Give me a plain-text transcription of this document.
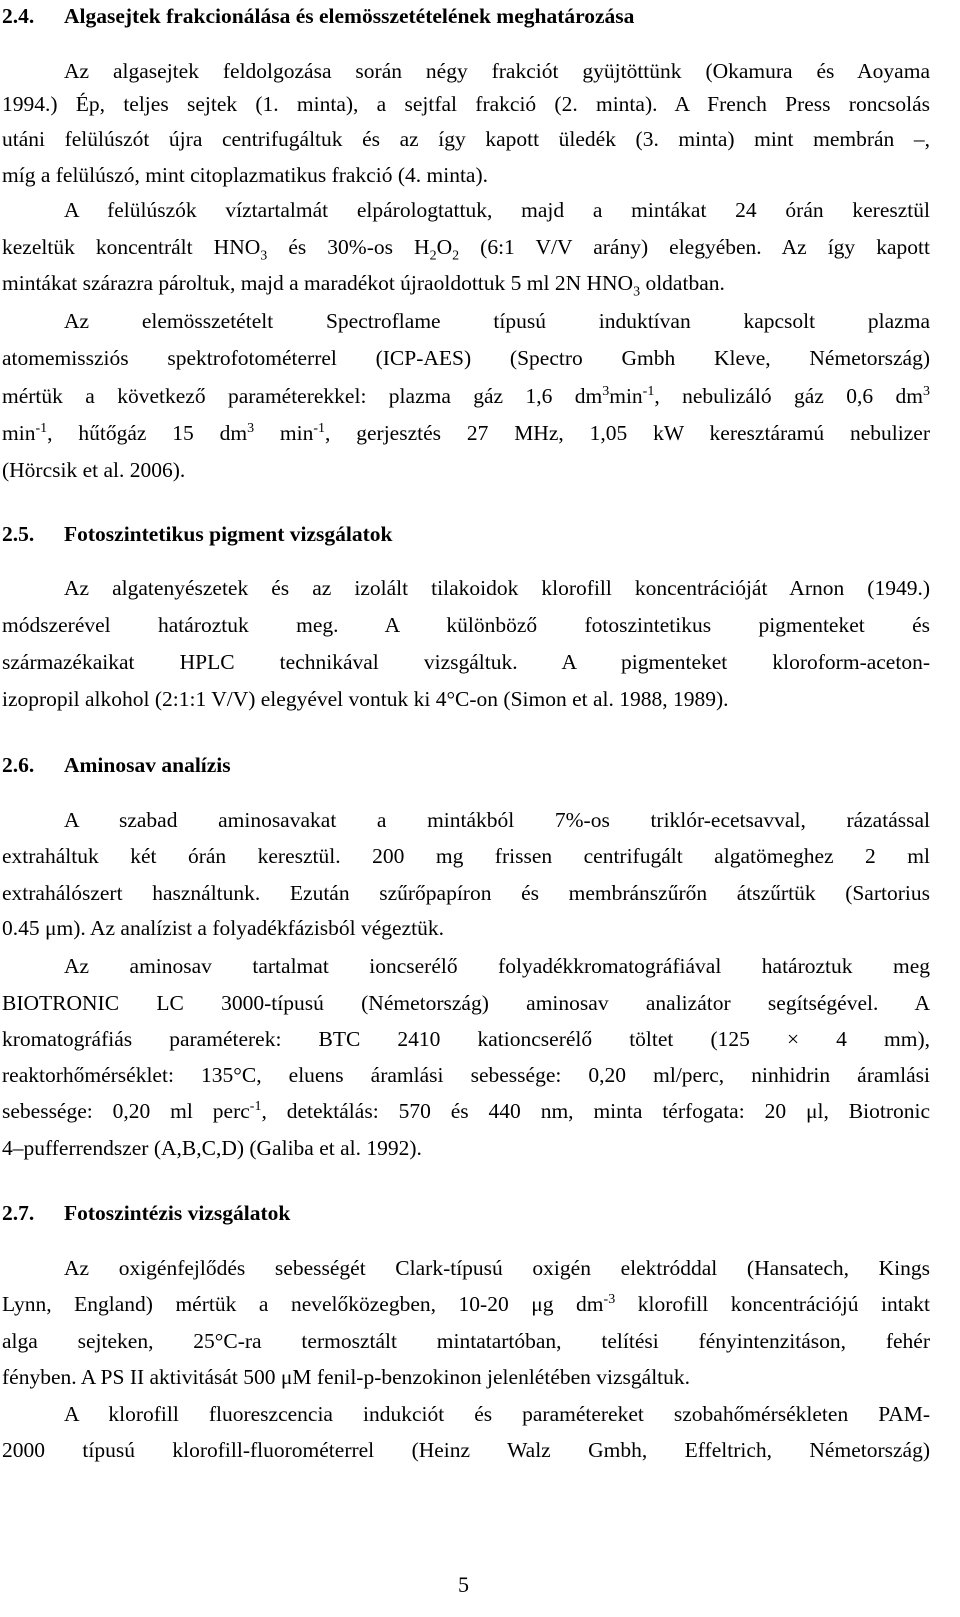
2.4. Algasejtek frakcionálása és elemösszetételének meghatározása
Az algasejtek feldolgozása során négy frakciót gyüjtöttünk (Okamura és Aoyama
1994.) Ép, teljes sejtek (1. minta), a sejtfal frakció (2. minta). A French Press roncsolás
utáni felülúszót újra centrifugáltuk és az így kapott üledék (3. minta) mint membrán –,
míg a felülúszó, mint citoplazmatikus frakció (4. minta).
A felülúszók víztartalmát elpárologtattuk, majd a mintákat 24 órán keresztül
kezeltük koncentrált $HNO_3$ és 30%-os $H_2O_2$ (6:1 V/V arány) elegyében. Az így kapott
mintákat szárazra pároltuk, majd a maradékot újraoldottuk 5 ml 2N $HNO_3$ oldatban.
Az elemösszetételt Spectroflame típusú induktívan kapcsolt plazma
atomemissziós spektrofotométerrel (ICP-AES) (Spectro Gmbh Kleve, Németország)
mértük a következő paraméterekkel: plazma gáz 1,6 $dm^3\min^{-1}$, nebulizáló gáz 0,6 $dm^3$
$\min^{-1}$, hűtőgáz 15 $dm^3$ $\min^{-1}$, gerjesztés 27 MHz, 1,05 kW keresztáramú nebulizer
(Hörcsik et al. 2006).
2.5. Fotoszintetikus pigment vizsgálatok
Az algatenyészetek és az izolált tilakoidok klorofill koncentrációját Arnon (1949.)
módszerével határoztuk meg. A különböző fotoszintetikus pigmenteket és
származékaikat HPLC technikával vizsgáltuk. A pigmenteket kloroform-aceton-
izopropil alkohol (2:1:1 V/V) elegyével vontuk ki 4°C-on (Simon et al. 1988, 1989).
2.6. Aminosav analízis
A szabad aminosavakat a mintákból 7%-os triklór-ecetsavval, rázatással
extraháltuk két órán keresztül. 200 mg frissen centrifugált algatömeghez 2 ml
extrahálószert használtunk. Ezután szűrőpapíron és membránszűrőn átszűrtük (Sartorius
0.45 μm). Az analízist a folyadékfázisból végeztük.
Az aminosav tartalmat ioncserélő folyadékkromatográfiával határoztuk meg
BIOTRONIC LC 3000-típusú (Németország) aminosav analizátor segítségével. A
kromatográfiás paraméterek: BTC 2410 kationcserélő töltet (125 × 4 mm),
reaktorhőmérséklet: 135°C, eluens áramlási sebessége: 0,20 ml/perc, ninhidrin áramlási
sebessége: 0,20 ml perc$^{-1}$, detektálás: 570 és 440 nm, minta térfogata: 20 μl, Biotronic
4–pufferrendszer (A,B,C,D) (Galiba et al. 1992).
2.7. Fotoszintézis vizsgálatok
Az oxigénfejlődés sebességét Clark-típusú oxigén elektróddal (Hansatech, Kings
Lynn, England) mértük a nevelőközegben, 10-20 μg $dm^{-3}$ klorofill koncentrációjú intakt
alga sejteken, 25°C-ra termosztált mintatartóban, telítési fényintenzitáson, fehér
fényben. A PS II aktivitását 500 μM fenil-p-benzokinon jelenlétében vizsgáltuk.
A klorofill fluoreszcencia indukciót és paramétereket szobahőmérsékleten PAM-
2000 típusú klorofill-fluorométerrel (Heinz Walz Gmbh, Effeltrich, Németország)
5
